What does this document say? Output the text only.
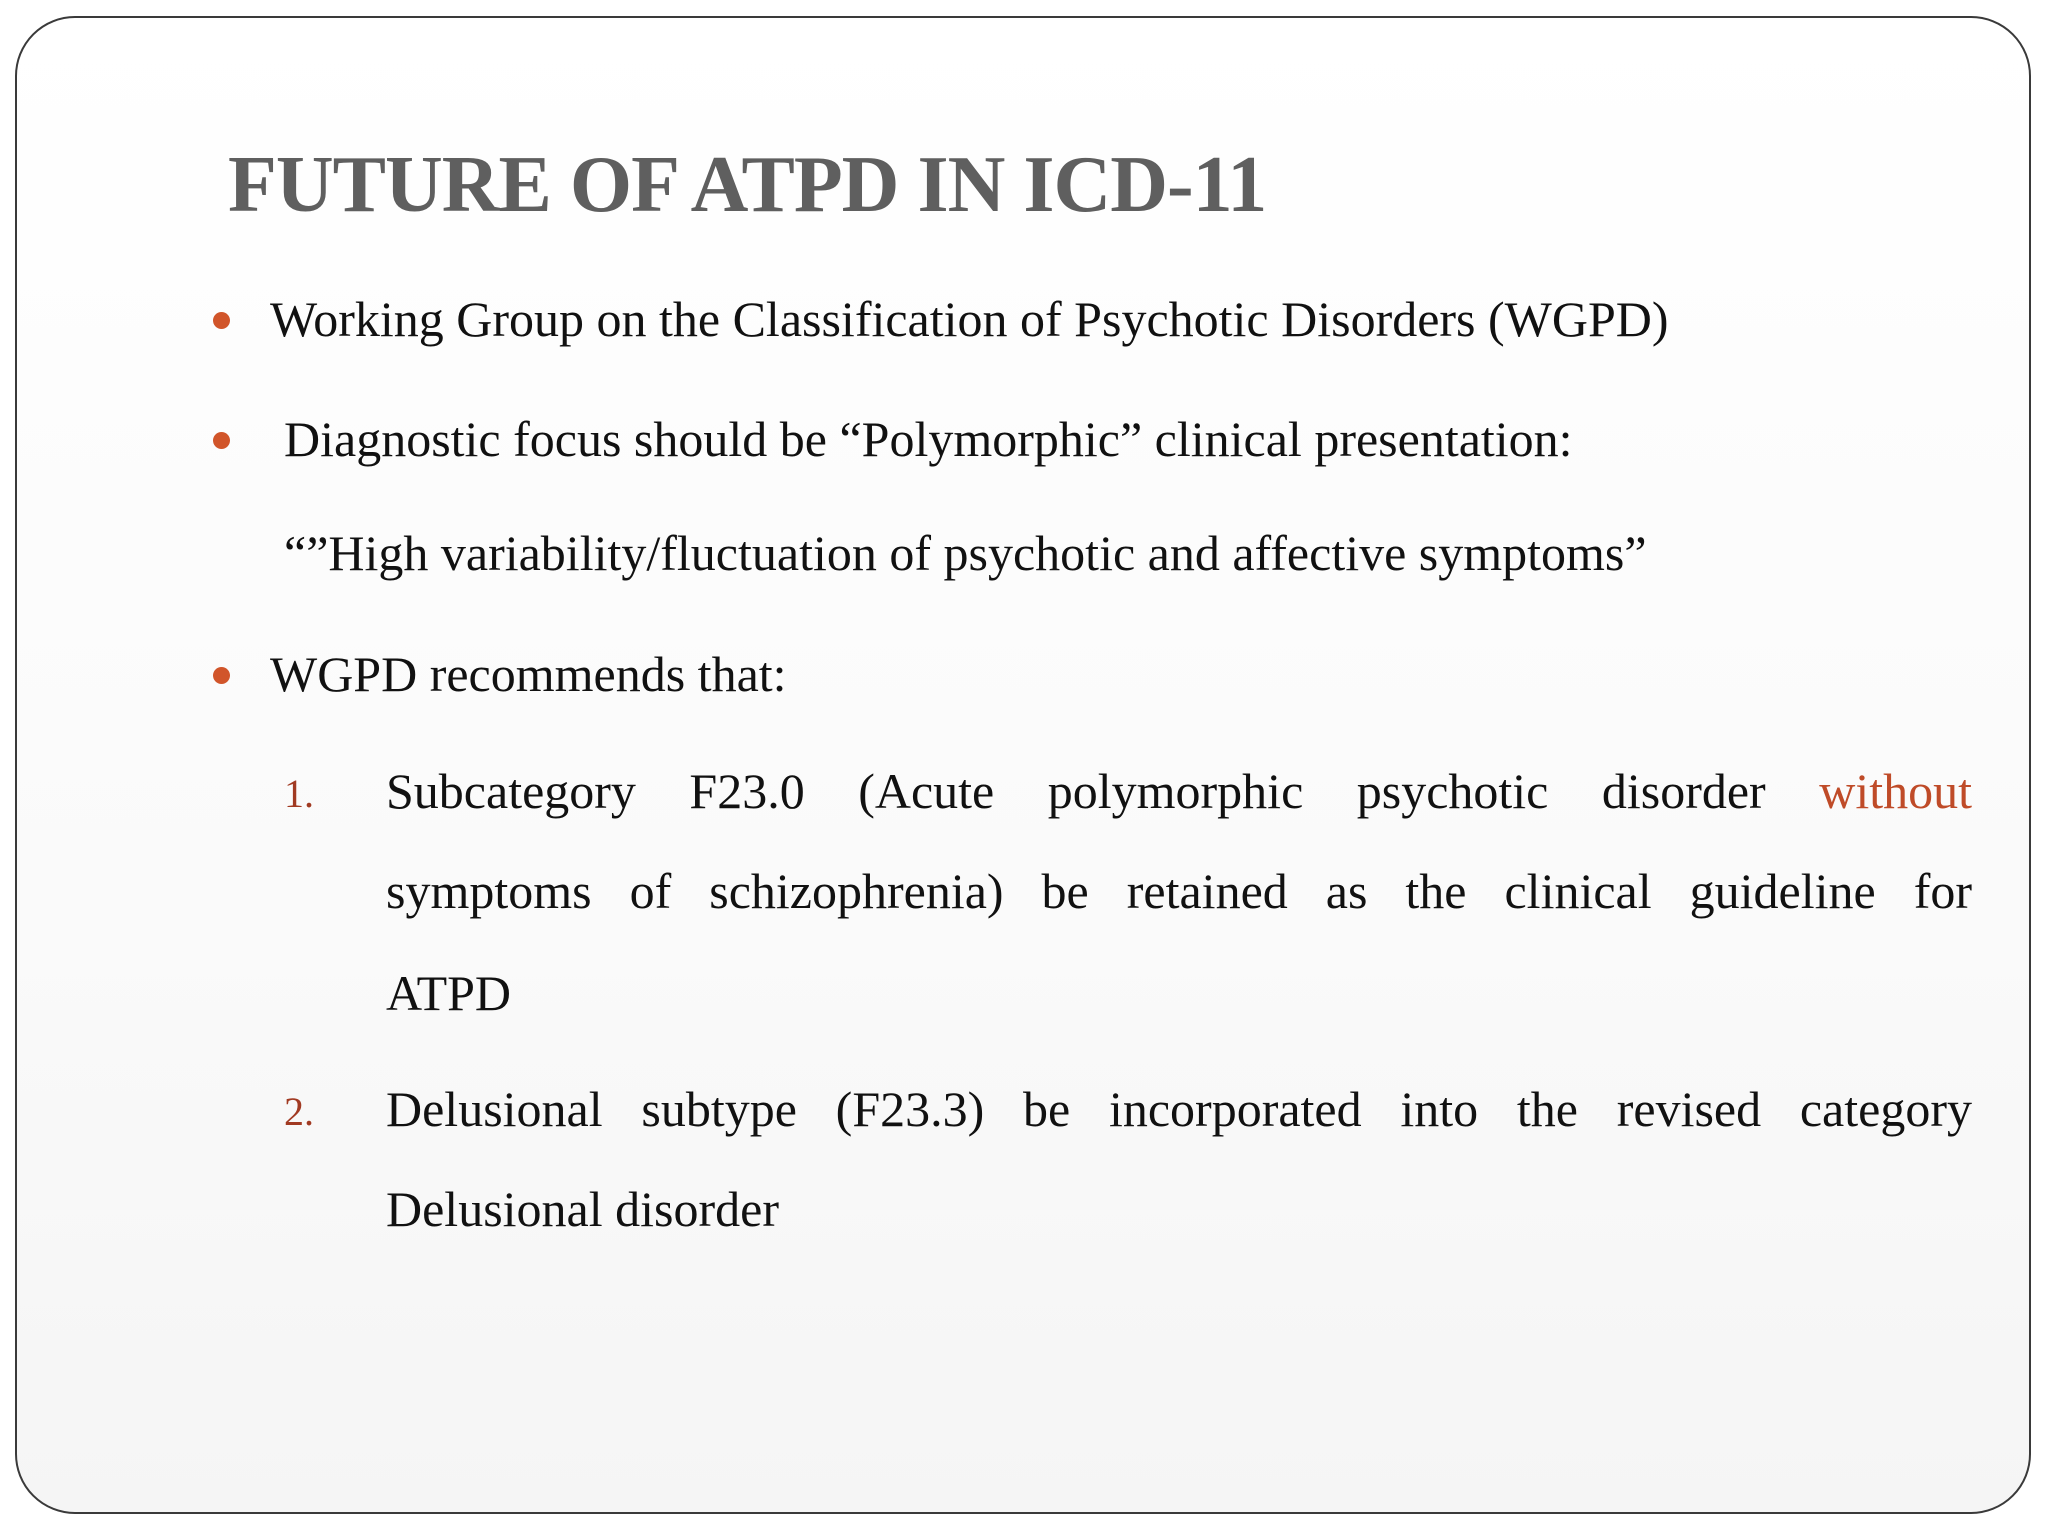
FUTURE OF ATPD IN ICD-11
Working Group on the Classification of Psychotic Disorders (WGPD)
Diagnostic focus should be “Polymorphic” clinical presentation:
“”High variability/fluctuation of psychotic and affective symptoms”
WGPD recommends that:
1. Subcategory F23.0 (Acute polymorphic psychotic disorder without
symptoms of schizophrenia) be retained as the clinical guideline for
ATPD
2. Delusional subtype (F23.3) be incorporated into the revised category
Delusional disorder
